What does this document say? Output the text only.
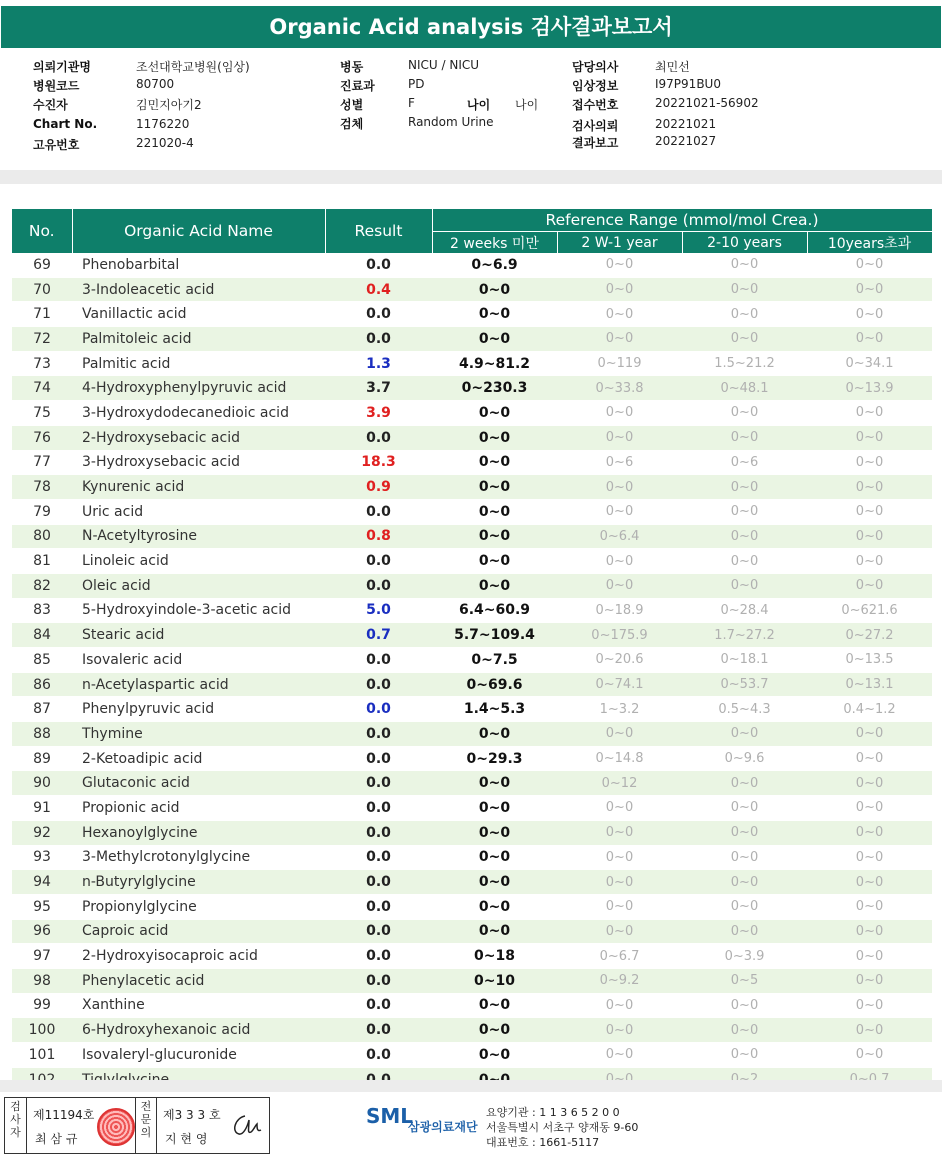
Organic Acid analysis 검사결과보고서
의뢰기관명	조선대학교병원(임상)
병원코드	80700
수진자	김민지아기2
Chart No.	1176220
고유번호	221020-4
병동	NICU / NICU
진료과	PD
성별	F
검체	Random Urine
나이 나이
담당의사	최민선
임상정보	I97P91BU0
접수번호	20221021-56902
검사의뢰	20221021
결과보고	20221027
No.	Organic Acid Name	Result	Reference Range (mmol/mol Crea.)			
			2 weeks 미만	2 W-1 year	2-10 years	10years초과
69	Phenobarbital	0.0	0~6.9	0~0	0~0	0~0
70	3-Indoleacetic acid	0.4	0~0	0~0	0~0	0~0
71	Vanillactic acid	0.0	0~0	0~0	0~0	0~0
72	Palmitoleic acid	0.0	0~0	0~0	0~0	0~0
73	Palmitic acid	1.3	4.9~81.2	0~119	1.5~21.2	0~34.1
74	4-Hydroxyphenylpyruvic acid	3.7	0~230.3	0~33.8	0~48.1	0~13.9
75	3-Hydroxydodecanedioic acid	3.9	0~0	0~0	0~0	0~0
76	2-Hydroxysebacic acid	0.0	0~0	0~0	0~0	0~0
77	3-Hydroxysebacic acid	18.3	0~0	0~6	0~6	0~0
78	Kynurenic acid	0.9	0~0	0~0	0~0	0~0
79	Uric acid	0.0	0~0	0~0	0~0	0~0
80	N-Acetyltyrosine	0.8	0~0	0~6.4	0~0	0~0
81	Linoleic acid	0.0	0~0	0~0	0~0	0~0
82	Oleic acid	0.0	0~0	0~0	0~0	0~0
83	5-Hydroxyindole-3-acetic acid	5.0	6.4~60.9	0~18.9	0~28.4	0~621.6
84	Stearic acid	0.7	5.7~109.4	0~175.9	1.7~27.2	0~27.2
85	Isovaleric acid	0.0	0~7.5	0~20.6	0~18.1	0~13.5
86	n-Acetylaspartic acid	0.0	0~69.6	0~74.1	0~53.7	0~13.1
87	Phenylpyruvic acid	0.0	1.4~5.3	1~3.2	0.5~4.3	0.4~1.2
88	Thymine	0.0	0~0	0~0	0~0	0~0
89	2-Ketoadipic acid	0.0	0~29.3	0~14.8	0~9.6	0~0
90	Glutaconic acid	0.0	0~0	0~12	0~0	0~0
91	Propionic acid	0.0	0~0	0~0	0~0	0~0
92	Hexanoylglycine	0.0	0~0	0~0	0~0	0~0
93	3-Methylcrotonylglycine	0.0	0~0	0~0	0~0	0~0
94	n-Butyrylglycine	0.0	0~0	0~0	0~0	0~0
95	Propionylglycine	0.0	0~0	0~0	0~0	0~0
96	Caproic acid	0.0	0~0	0~0	0~0	0~0
97	2-Hydroxyisocaproic acid	0.0	0~18	0~6.7	0~3.9	0~0
98	Phenylacetic acid	0.0	0~10	0~9.2	0~5	0~0
99	Xanthine	0.0	0~0	0~0	0~0	0~0
100	6-Hydroxyhexanoic acid	0.0	0~0	0~0	0~0	0~0
101	Isovaleryl-glucuronide	0.0	0~0	0~0	0~0	0~0

검사자
제11194호
최 삼 규
전문의
제3 3 3 호
지 현 영
SML
삼광의료재단
요양기관 : 1 1 3 6 5 2 0 0
서울특별시 서초구 양재동 9-60
대표번호 : 1661-5117
